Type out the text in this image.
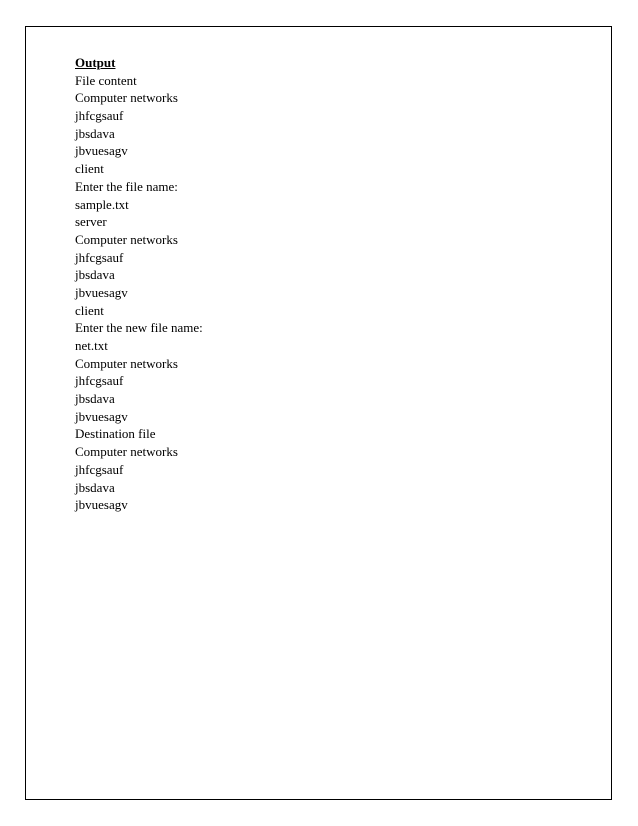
Output
File content
Computer networks
jhfcgsauf
jbsdava
jbvuesagv
client
Enter the file name:
sample.txt
server
Computer networks
jhfcgsauf
jbsdava
jbvuesagv
client
Enter the new file name:
net.txt
Computer networks
jhfcgsauf
jbsdava
jbvuesagv
Destination file
Computer networks
jhfcgsauf
jbsdava
jbvuesagv
